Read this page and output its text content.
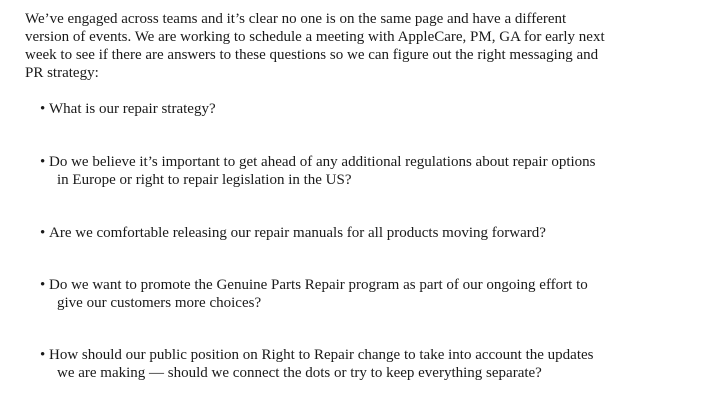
We’ve engaged across teams and it’s clear no one is on the same page and have a different
version of events. We are working to schedule a meeting with AppleCare, PM, GA for early next
week to see if there are answers to these questions so we can figure out the right messaging and
PR strategy:

• What is our repair strategy?
• Do we believe it’s important to get ahead of any additional regulations about repair options
in Europe or right to repair legislation in the US?
• Are we comfortable releasing our repair manuals for all products moving forward?
• Do we want to promote the Genuine Parts Repair program as part of our ongoing effort to
give our customers more choices?
• How should our public position on Right to Repair change to take into account the updates
we are making — should we connect the dots or try to keep everything separate?
